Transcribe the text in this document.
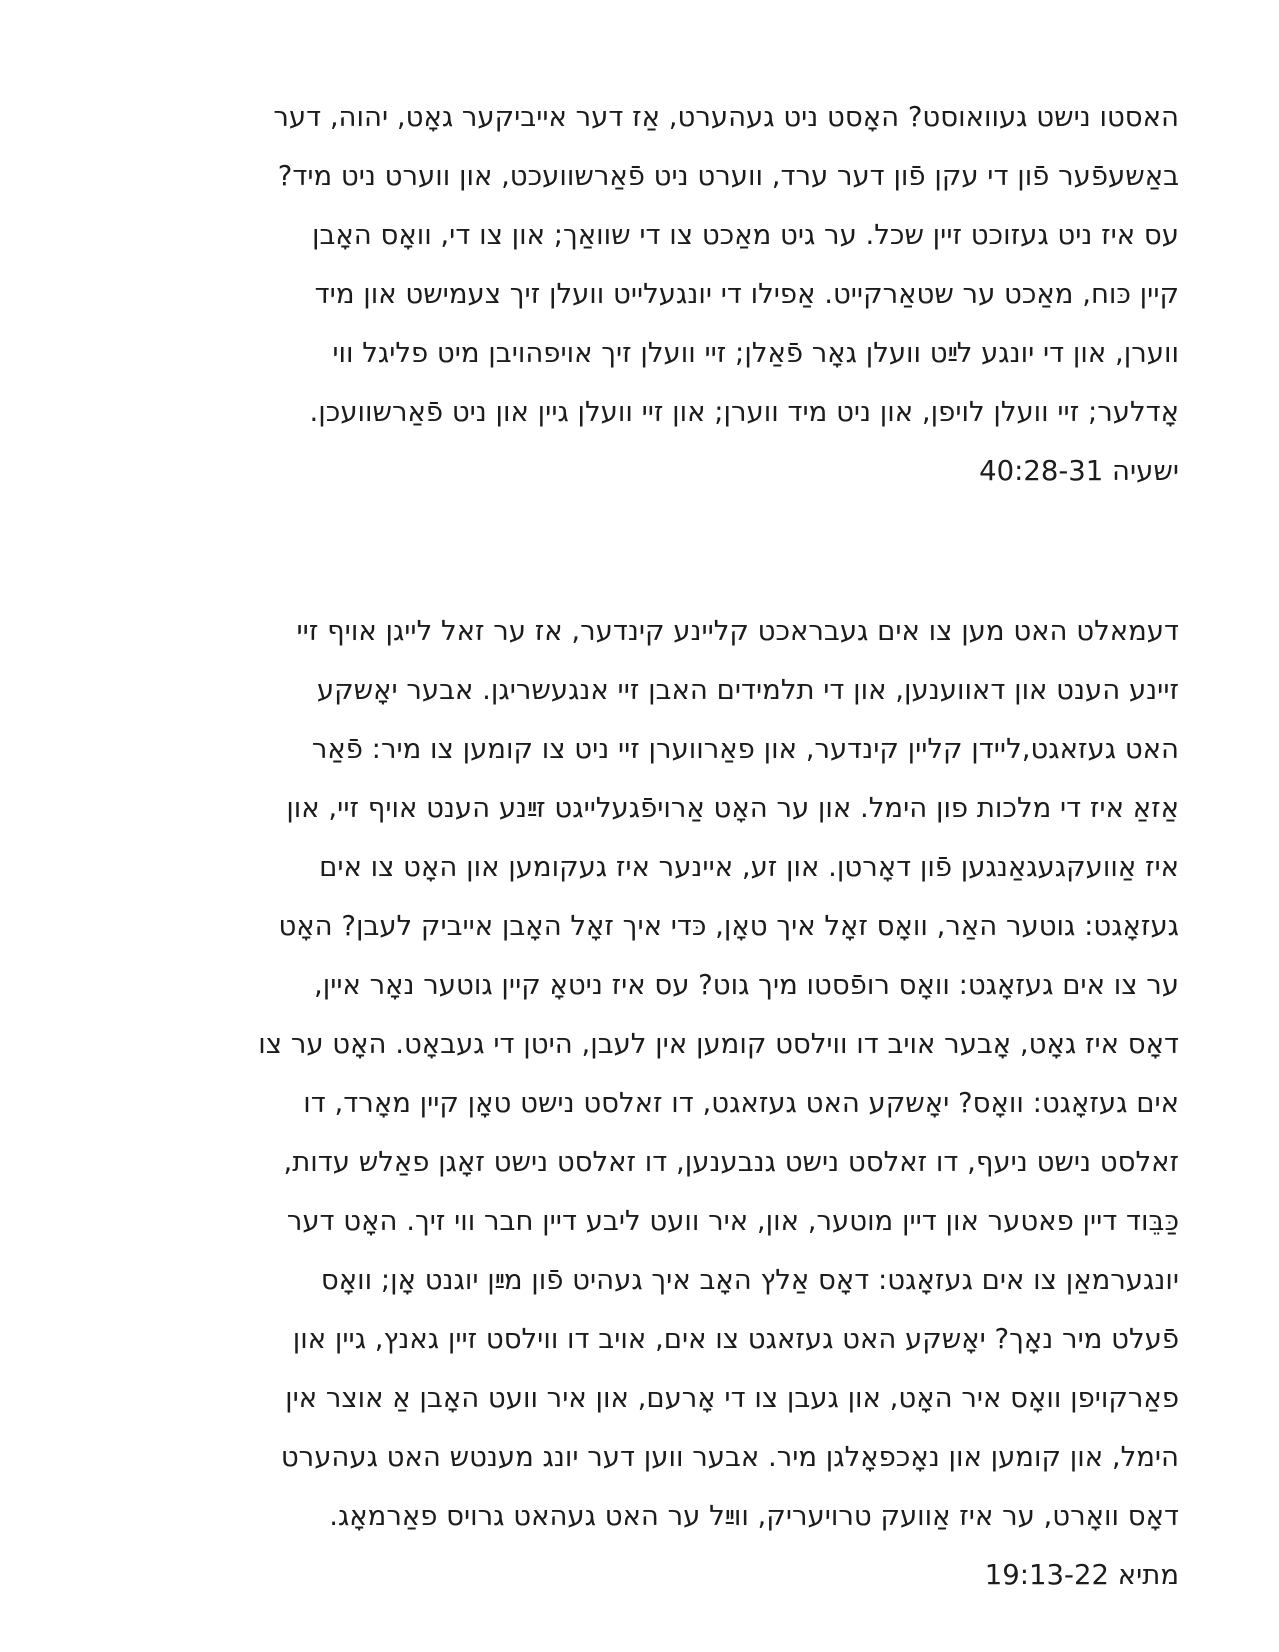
האסטו נישט געוואוסט? האָסט ניט געהערט, אַז דער אייביקער גאָט, יהוה, דער
באַשעפֿער פֿון די עקן פֿון דער ערד, ווערט ניט פֿאַרשוועכט, און ווערט ניט מיד?
עס איז ניט געזוכט זיין שכל. ער גיט מאַכט צו די שוואַך; און צו די, וואָס האָבן
קיין כּוח, מאַכט ער שטאַרקייט. אַפילו די יונגעלייט וועלן זיך צעמישט און מיד
ווערן, און די יונגע לײַט וועלן גאָר פֿאַלן; זיי וועלן זיך אויפהויבן מיט פליגל ווי
אָדלער; זיי וועלן לויפן, און ניט מיד ווערן; און זיי וועלן גיין און ניט פֿאַרשוועכן.
ישעיה 40:28-31
דעמאלט האט מען צו אים געבראכט קליינע קינדער, אז ער זאל לייגן אויף זיי
זיינע הענט און דאווענען, און די תלמידים האבן זיי אנגעשריגן. אבער יאָשקע
האט געזאגט,ליידן קליין קינדער, און פאַרווערן זיי ניט צו קומען צו מיר: פֿאַר
אַזאַ איז די מלכות פון הימל. און ער האָט אַרויפֿגעלייגט זײַנע הענט אויף זיי, און
איז אַוועקגעגאַנגען פֿון דאָרטן. און זע, איינער איז געקומען און האָט צו אים
געזאָגט: גוטער האַר, וואָס זאָל איך טאָן, כּדי איך זאָל האָבן אייביק לעבן? האָט
ער צו אים געזאָגט: וואָס רופֿסטו מיך גוט? עס איז ניטאָ קיין גוטער נאָר איין,
דאָס איז גאָט, אָבער אויב דו ווילסט קומען אין לעבן, היטן די געבאָט. האָט ער צו
אים געזאָגט: וואָס? יאָשקע האט געזאגט, דו זאלסט נישט טאָן קיין מאָרד, דו
זאלסט נישט ניעף, דו זאלסט נישט גנבענען, דו זאלסט נישט זאָגן פאַלש עדות,
כַּבֵּוד דיין פאטער און דיין מוטער, און, איר וועט ליבע דיין חבר ווי זיך. האָט דער
יונגערמאַן צו אים געזאָגט: דאָס אַלץ האָב איך געהיט פֿון מײַן יוגנט אָן; וואָס
פֿעלט מיר נאָך? יאָשקע האט געזאגט צו אים, אויב דו ווילסט זיין גאנץ, גיין און
פאַרקויפן וואָס איר האָט, און געבן צו די אָרעם, און איר וועט האָבן אַ אוצר אין
הימל, און קומען און נאָכפאָלגן מיר. אבער ווען דער יונג מענטש האט געהערט
דאָס וואָרט, ער איז אַוועק טרויעריק, ווײַל ער האט געהאט גרויס פאַרמאָג.
מתיא 19:13-22
